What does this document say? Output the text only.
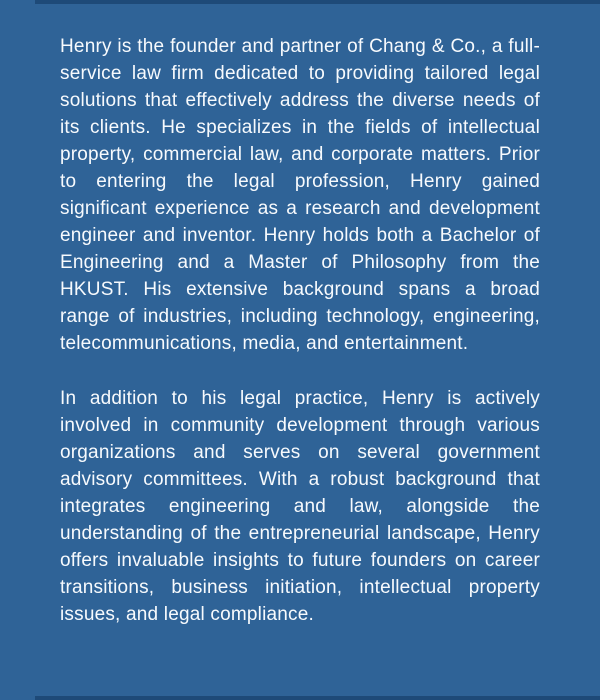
Henry is the founder and partner of Chang & Co., a full-service law firm dedicated to providing tailored legal solutions that effectively address the diverse needs of its clients. He specializes in the fields of intellectual property, commercial law, and corporate matters. Prior to entering the legal profession, Henry gained significant experience as a research and development engineer and inventor. Henry holds both a Bachelor of Engineering and a Master of Philosophy from the HKUST. His extensive background spans a broad range of industries, including technology, engineering, telecommunications, media, and entertainment.

In addition to his legal practice, Henry is actively involved in community development through various organizations and serves on several government advisory committees. With a robust background that integrates engineering and law, alongside the understanding of the entrepreneurial landscape, Henry offers invaluable insights to future founders on career transitions, business initiation, intellectual property issues, and legal compliance.
